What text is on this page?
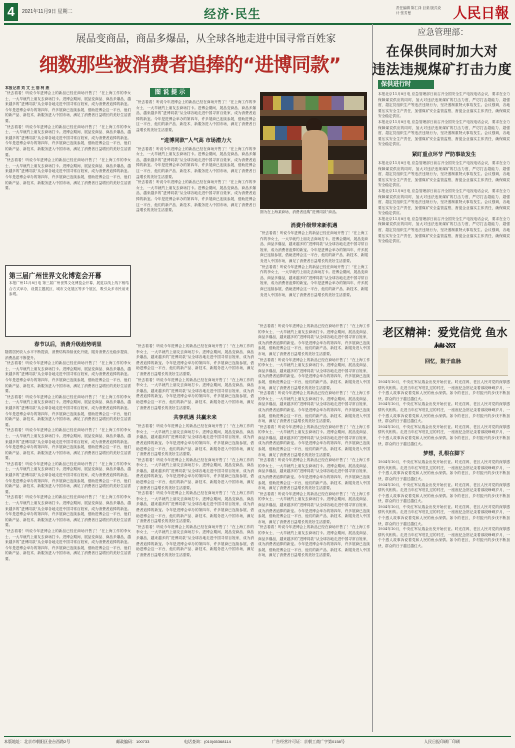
4	2021年11月9日 星期二	经济·民生	责任编辑 陈仁泽 巨楽 版式设计 张芳曼	人民日報
展品变商品，商品多爆品，从全球各地走进中国寻常百姓家
细数那些被消费者追捧的“进博同款”
本报记者 刘 文 王 浩 柯 燕
“快去看看！听说今年进博会上的新品已经在商场开售了！”在上海工作的李女士，一大早就约上朋友去商场打卡。进博会期间，展品变商品、商品多爆品，越来越多的“进博同款”从全球各地走进中国寻常百姓家，成为消费者追捧的新宠。今年是进博会举办的第四年，许多展商已连续参展，借助进博会这一平台，他们的新产品、新技术、新服务进入中国市场，满足了消费者日益增长的美好生活需要。
“快去看看！听说今年进博会上的新品已经在商场开售了！”在上海工作的李女士，一大早就约上朋友去商场打卡。进博会期间，展品变商品、商品多爆品，越来越多的“进博同款”从全球各地走进中国寻常百姓家，成为消费者追捧的新宠。今年是进博会举办的第四年，许多展商已连续参展，借助进博会这一平台，他们的新产品、新技术、新服务进入中国市场，满足了消费者日益增长的美好生活需要。
“快去看看！听说今年进博会上的新品已经在商场开售了！”在上海工作的李女士，一大早就约上朋友去商场打卡。进博会期间，展品变商品、商品多爆品，越来越多的“进博同款”从全球各地走进中国寻常百姓家，成为消费者追捧的新宠。今年是进博会举办的第四年，许多展商已连续参展，借助进博会这一平台，他们的新产品、新技术、新服务进入中国市场，满足了消费者日益增长的美好生活需要。
图 说 提 示
“快去看看！听说今年进博会上的新品已经在商场开售了！”在上海工作的李女士，一大早就约上朋友去商场打卡。进博会期间，展品变商品、商品多爆品，越来越多的“进博同款”从全球各地走进中国寻常百姓家，成为消费者追捧的新宠。今年是进博会举办的第四年，许多展商已连续参展，借助进博会这一平台，他们的新产品、新技术、新服务进入中国市场，满足了消费者日益增长的美好生活需要。
“进博同款”人气高 市场潜力大
“快去看看！听说今年进博会上的新品已经在商场开售了！”在上海工作的李女士，一大早就约上朋友去商场打卡。进博会期间，展品变商品、商品多爆品，越来越多的“进博同款”从全球各地走进中国寻常百姓家，成为消费者追捧的新宠。今年是进博会举办的第四年，许多展商已连续参展，借助进博会这一平台，他们的新产品、新技术、新服务进入中国市场，满足了消费者日益增长的美好生活需要。
“快去看看！听说今年进博会上的新品已经在商场开售了！”在上海工作的李女士，一大早就约上朋友去商场打卡。进博会期间，展品变商品、商品多爆品，越来越多的“进博同款”从全球各地走进中国寻常百姓家，成为消费者追捧的新宠。今年是进博会举办的第四年，许多展商已连续参展，借助进博会这一平台，他们的新产品、新技术、新服务进入中国市场，满足了消费者日益增长的美好生活需要。	图为在上海某商场，消费者选购“进博同款”商品。
消费升级带来新机遇
“快去看看！听说今年进博会上的新品已经在商场开售了！”在上海工作的李女士，一大早就约上朋友去商场打卡。进博会期间，展品变商品、商品多爆品，越来越多的“进博同款”从全球各地走进中国寻常百姓家，成为消费者追捧的新宠。今年是进博会举办的第四年，许多展商已连续参展，借助进博会这一平台，他们的新产品、新技术、新服务进入中国市场，满足了消费者日益增长的美好生活需要。
“快去看看！听说今年进博会上的新品已经在商场开售了！”在上海工作的李女士，一大早就约上朋友去商场打卡。进博会期间，展品变商品、商品多爆品，越来越多的“进博同款”从全球各地走进中国寻常百姓家，成为消费者追捧的新宠。今年是进博会举办的第四年，许多展商已连续参展，借助进博会这一平台，他们的新产品、新技术、新服务进入中国市场，满足了消费者日益增长的美好生活需要。
第三届广州世界文化博览会开幕
本报广州11月8日电 第三届广州世界文化博览会开幕，展览以线上线下相结合方式举办，设置主题展区、城市文化展区等多个展区，吸引众多市民前来参观。
春节以后，消费升级趋势明显
随着居民收入水平不断提高，消费结构持续优化升级，服务消费占比稳步提高，消费品质不断提升。
“快去看看！听说今年进博会上的新品已经在商场开售了！”在上海工作的李女士，一大早就约上朋友去商场打卡。进博会期间，展品变商品、商品多爆品，越来越多的“进博同款”从全球各地走进中国寻常百姓家，成为消费者追捧的新宠。今年是进博会举办的第四年，许多展商已连续参展，借助进博会这一平台，他们的新产品、新技术、新服务进入中国市场，满足了消费者日益增长的美好生活需要。
“快去看看！听说今年进博会上的新品已经在商场开售了！”在上海工作的李女士，一大早就约上朋友去商场打卡。进博会期间，展品变商品、商品多爆品，越来越多的“进博同款”从全球各地走进中国寻常百姓家，成为消费者追捧的新宠。今年是进博会举办的第四年，许多展商已连续参展，借助进博会这一平台，他们的新产品、新技术、新服务进入中国市场，满足了消费者日益增长的美好生活需要。
“快去看看！听说今年进博会上的新品已经在商场开售了！”在上海工作的李女士，一大早就约上朋友去商场打卡。进博会期间，展品变商品、商品多爆品，越来越多的“进博同款”从全球各地走进中国寻常百姓家，成为消费者追捧的新宠。今年是进博会举办的第四年，许多展商已连续参展，借助进博会这一平台，他们的新产品、新技术、新服务进入中国市场，满足了消费者日益增长的美好生活需要。
“快去看看！听说今年进博会上的新品已经在商场开售了！”在上海工作的李女士，一大早就约上朋友去商场打卡。进博会期间，展品变商品、商品多爆品，越来越多的“进博同款”从全球各地走进中国寻常百姓家，成为消费者追捧的新宠。今年是进博会举办的第四年，许多展商已连续参展，借助进博会这一平台，他们的新产品、新技术、新服务进入中国市场，满足了消费者日益增长的美好生活需要。
“快去看看！听说今年进博会上的新品已经在商场开售了！”在上海工作的李女士，一大早就约上朋友去商场打卡。进博会期间，展品变商品、商品多爆品，越来越多的“进博同款”从全球各地走进中国寻常百姓家，成为消费者追捧的新宠。今年是进博会举办的第四年，许多展商已连续参展，借助进博会这一平台，他们的新产品、新技术、新服务进入中国市场，满足了消费者日益增长的美好生活需要。
“快去看看！听说今年进博会上的新品已经在商场开售了！”在上海工作的李女士，一大早就约上朋友去商场打卡。进博会期间，展品变商品、商品多爆品，越来越多的“进博同款”从全球各地走进中国寻常百姓家，成为消费者追捧的新宠。今年是进博会举办的第四年，许多展商已连续参展，借助进博会这一平台，他们的新产品、新技术、新服务进入中国市场，满足了消费者日益增长的美好生活需要。
“快去看看！听说今年进博会上的新品已经在商场开售了！”在上海工作的李女士，一大早就约上朋友去商场打卡。进博会期间，展品变商品、商品多爆品，越来越多的“进博同款”从全球各地走进中国寻常百姓家，成为消费者追捧的新宠。今年是进博会举办的第四年，许多展商已连续参展，借助进博会这一平台，他们的新产品、新技术、新服务进入中国市场，满足了消费者日益增长的美好生活需要。
“快去看看！听说今年进博会上的新品已经在商场开售了！”在上海工作的李女士，一大早就约上朋友去商场打卡。进博会期间，展品变商品、商品多爆品，越来越多的“进博同款”从全球各地走进中国寻常百姓家，成为消费者追捧的新宠。今年是进博会举办的第四年，许多展商已连续参展，借助进博会这一平台，他们的新产品、新技术、新服务进入中国市场，满足了消费者日益增长的美好生活需要。
共享机遇 共赢未来
“快去看看！听说今年进博会上的新品已经在商场开售了！”在上海工作的李女士，一大早就约上朋友去商场打卡。进博会期间，展品变商品、商品多爆品，越来越多的“进博同款”从全球各地走进中国寻常百姓家，成为消费者追捧的新宠。今年是进博会举办的第四年，许多展商已连续参展，借助进博会这一平台，他们的新产品、新技术、新服务进入中国市场，满足了消费者日益增长的美好生活需要。
“快去看看！听说今年进博会上的新品已经在商场开售了！”在上海工作的李女士，一大早就约上朋友去商场打卡。进博会期间，展品变商品、商品多爆品，越来越多的“进博同款”从全球各地走进中国寻常百姓家，成为消费者追捧的新宠。今年是进博会举办的第四年，许多展商已连续参展，借助进博会这一平台，他们的新产品、新技术、新服务进入中国市场，满足了消费者日益增长的美好生活需要。
“快去看看！听说今年进博会上的新品已经在商场开售了！”在上海工作的李女士，一大早就约上朋友去商场打卡。进博会期间，展品变商品、商品多爆品，越来越多的“进博同款”从全球各地走进中国寻常百姓家，成为消费者追捧的新宠。今年是进博会举办的第四年，许多展商已连续参展，借助进博会这一平台，他们的新产品、新技术、新服务进入中国市场，满足了消费者日益增长的美好生活需要。
“快去看看！听说今年进博会上的新品已经在商场开售了！”在上海工作的李女士，一大早就约上朋友去商场打卡。进博会期间，展品变商品、商品多爆品，越来越多的“进博同款”从全球各地走进中国寻常百姓家，成为消费者追捧的新宠。今年是进博会举办的第四年，许多展商已连续参展，借助进博会这一平台，他们的新产品、新技术、新服务进入中国市场，满足了消费者日益增长的美好生活需要。
“快去看看！听说今年进博会上的新品已经在商场开售了！”在上海工作的李女士，一大早就约上朋友去商场打卡。进博会期间，展品变商品、商品多爆品，越来越多的“进博同款”从全球各地走进中国寻常百姓家，成为消费者追捧的新宠。今年是进博会举办的第四年，许多展商已连续参展，借助进博会这一平台，他们的新产品、新技术、新服务进入中国市场，满足了消费者日益增长的美好生活需要。
“快去看看！听说今年进博会上的新品已经在商场开售了！”在上海工作的李女士，一大早就约上朋友去商场打卡。进博会期间，展品变商品、商品多爆品，越来越多的“进博同款”从全球各地走进中国寻常百姓家，成为消费者追捧的新宠。今年是进博会举办的第四年，许多展商已连续参展，借助进博会这一平台，他们的新产品、新技术、新服务进入中国市场，满足了消费者日益增长的美好生活需要。
“快去看看！听说今年进博会上的新品已经在商场开售了！”在上海工作的李女士，一大早就约上朋友去商场打卡。进博会期间，展品变商品、商品多爆品，越来越多的“进博同款”从全球各地走进中国寻常百姓家，成为消费者追捧的新宠。今年是进博会举办的第四年，许多展商已连续参展，借助进博会这一平台，他们的新产品、新技术、新服务进入中国市场，满足了消费者日益增长的美好生活需要。
“快去看看！听说今年进博会上的新品已经在商场开售了！”在上海工作的李女士，一大早就约上朋友去商场打卡。进博会期间，展品变商品、商品多爆品，越来越多的“进博同款”从全球各地走进中国寻常百姓家，成为消费者追捧的新宠。今年是进博会举办的第四年，许多展商已连续参展，借助进博会这一平台，他们的新产品、新技术、新服务进入中国市场，满足了消费者日益增长的美好生活需要。
“快去看看！听说今年进博会上的新品已经在商场开售了！”在上海工作的李女士，一大早就约上朋友去商场打卡。进博会期间，展品变商品、商品多爆品，越来越多的“进博同款”从全球各地走进中国寻常百姓家，成为消费者追捧的新宠。今年是进博会举办的第四年，许多展商已连续参展，借助进博会这一平台，他们的新产品、新技术、新服务进入中国市场，满足了消费者日益增长的美好生活需要。
“快去看看！听说今年进博会上的新品已经在商场开售了！”在上海工作的李女士，一大早就约上朋友去商场打卡。进博会期间，展品变商品、商品多爆品，越来越多的“进博同款”从全球各地走进中国寻常百姓家，成为消费者追捧的新宠。今年是进博会举办的第四年，许多展商已连续参展，借助进博会这一平台，他们的新产品、新技术、新服务进入中国市场，满足了消费者日益增长的美好生活需要。
“快去看看！听说今年进博会上的新品已经在商场开售了！”在上海工作的李女士，一大早就约上朋友去商场打卡。进博会期间，展品变商品、商品多爆品，越来越多的“进博同款”从全球各地走进中国寻常百姓家，成为消费者追捧的新宠。今年是进博会举办的第四年，许多展商已连续参展，借助进博会这一平台，他们的新产品、新技术、新服务进入中国市场，满足了消费者日益增长的美好生活需要。
应急管理部：
在保供同时加大对
违法违规煤矿打击力度
保供进行时
本报北京11月8日电 应急管理部日前召开全国安全生产电视电话会议，要求在全力保障煤炭供应的同时，加大对违法违规煤矿的打击力度，严厉打击超能力、超强度、超定员组织生产等违法违规行为，坚决遏制重特大事故发生。会议强调，各地要压实安全生产责任，加强煤矿安全监管监察，督促企业落实主体责任，确保煤炭安全稳定供应。
本报北京11月8日电 应急管理部日前召开全国安全生产电视电话会议，要求在全力保障煤炭供应的同时，加大对违法违规煤矿的打击力度，严厉打击超能力、超强度、超定员组织生产等违法违规行为，坚决遏制重特大事故发生。会议强调，各地要压实安全生产责任，加强煤矿安全监管监察，督促企业落实主体责任，确保煤炭安全稳定供应。
紧盯重点环节 严防事故发生
本报北京11月8日电 应急管理部日前召开全国安全生产电视电话会议，要求在全力保障煤炭供应的同时，加大对违法违规煤矿的打击力度，严厉打击超能力、超强度、超定员组织生产等违法违规行为，坚决遏制重特大事故发生。会议强调，各地要压实安全生产责任，加强煤矿安全监管监察，督促企业落实主体责任，确保煤炭安全稳定供应。
本报北京11月8日电 应急管理部日前召开全国安全生产电视电话会议，要求在全力保障煤炭供应的同时，加大对违法违规煤矿的打击力度，严厉打击超能力、超强度、超定员组织生产等违法违规行为，坚决遏制重特大事故发生。会议强调，各地要压实安全生产责任，加强煤矿安全监管监察，督促企业落实主体责任，确保煤炭安全稳定供应。
本报北京11月8日电 应急管理部日前召开全国安全生产电视电话会议，要求在全力保障煤炭供应的同时，加大对违法违规煤矿的打击力度，严厉打击超能力、超强度、超定员组织生产等违法违规行为，坚决遏制重特大事故发生。会议强调，各地要压实安全生产责任，加强煤矿安全监管监察，督促企业落实主体责任，确保煤炭安全稳定供应。
老区精神：爱党信党 鱼水
回忆，鼓于血脉
1934年10月，中央红军从瑞金出发开始长征。时光荏苒，老区人民对党的深厚感情代代相传。走进当年红军驻扎过的村庄，一座座纪念馆记录着那段峥嵘岁月，一个个感人故事诉说着党和人民的鱼水深情。如今的老区，乡村振兴的步伐不断加快，群众的日子越过越红火。
1934年10月，中央红军从瑞金出发开始长征。时光荏苒，老区人民对党的深厚感情代代相传。走进当年红军驻扎过的村庄，一座座纪念馆记录着那段峥嵘岁月，一个个感人故事诉说着党和人民的鱼水深情。如今的老区，乡村振兴的步伐不断加快，群众的日子越过越红火。
1934年10月，中央红军从瑞金出发开始长征。时光荏苒，老区人民对党的深厚感情代代相传。走进当年红军驻扎过的村庄，一座座纪念馆记录着那段峥嵘岁月，一个个感人故事诉说着党和人民的鱼水深情。如今的老区，乡村振兴的步伐不断加快，群众的日子越过越红火。
梦想，扎根在脚下
1934年10月，中央红军从瑞金出发开始长征。时光荏苒，老区人民对党的深厚感情代代相传。走进当年红军驻扎过的村庄，一座座纪念馆记录着那段峥嵘岁月，一个个感人故事诉说着党和人民的鱼水深情。如今的老区，乡村振兴的步伐不断加快，群众的日子越过越红火。
1934年10月，中央红军从瑞金出发开始长征。时光荏苒，老区人民对党的深厚感情代代相传。走进当年红军驻扎过的村庄，一座座纪念馆记录着那段峥嵘岁月，一个个感人故事诉说着党和人民的鱼水深情。如今的老区，乡村振兴的步伐不断加快，群众的日子越过越红火。
1934年10月，中央红军从瑞金出发开始长征。时光荏苒，老区人民对党的深厚感情代代相传。走进当年红军驻扎过的村庄，一座座纪念馆记录着那段峥嵘岁月，一个个感人故事诉说着党和人民的鱼水深情。如今的老区，乡村振兴的步伐不断加快，群众的日子越过越红火。
1934年10月，中央红军从瑞金出发开始长征。时光荏苒，老区人民对党的深厚感情代代相传。走进当年红军驻扎过的村庄，一座座纪念馆记录着那段峥嵘岁月，一个个感人故事诉说着党和人民的鱼水深情。如今的老区，乡村振兴的步伐不断加快，群众的日子越过越红火。
本版地址：北京市朝阳区金台西路2号	邮政编码：100733	电话查询：(010)65368114	广告经营许可证：京朝工商广字第0158号	人民日报印刷厂印刷
